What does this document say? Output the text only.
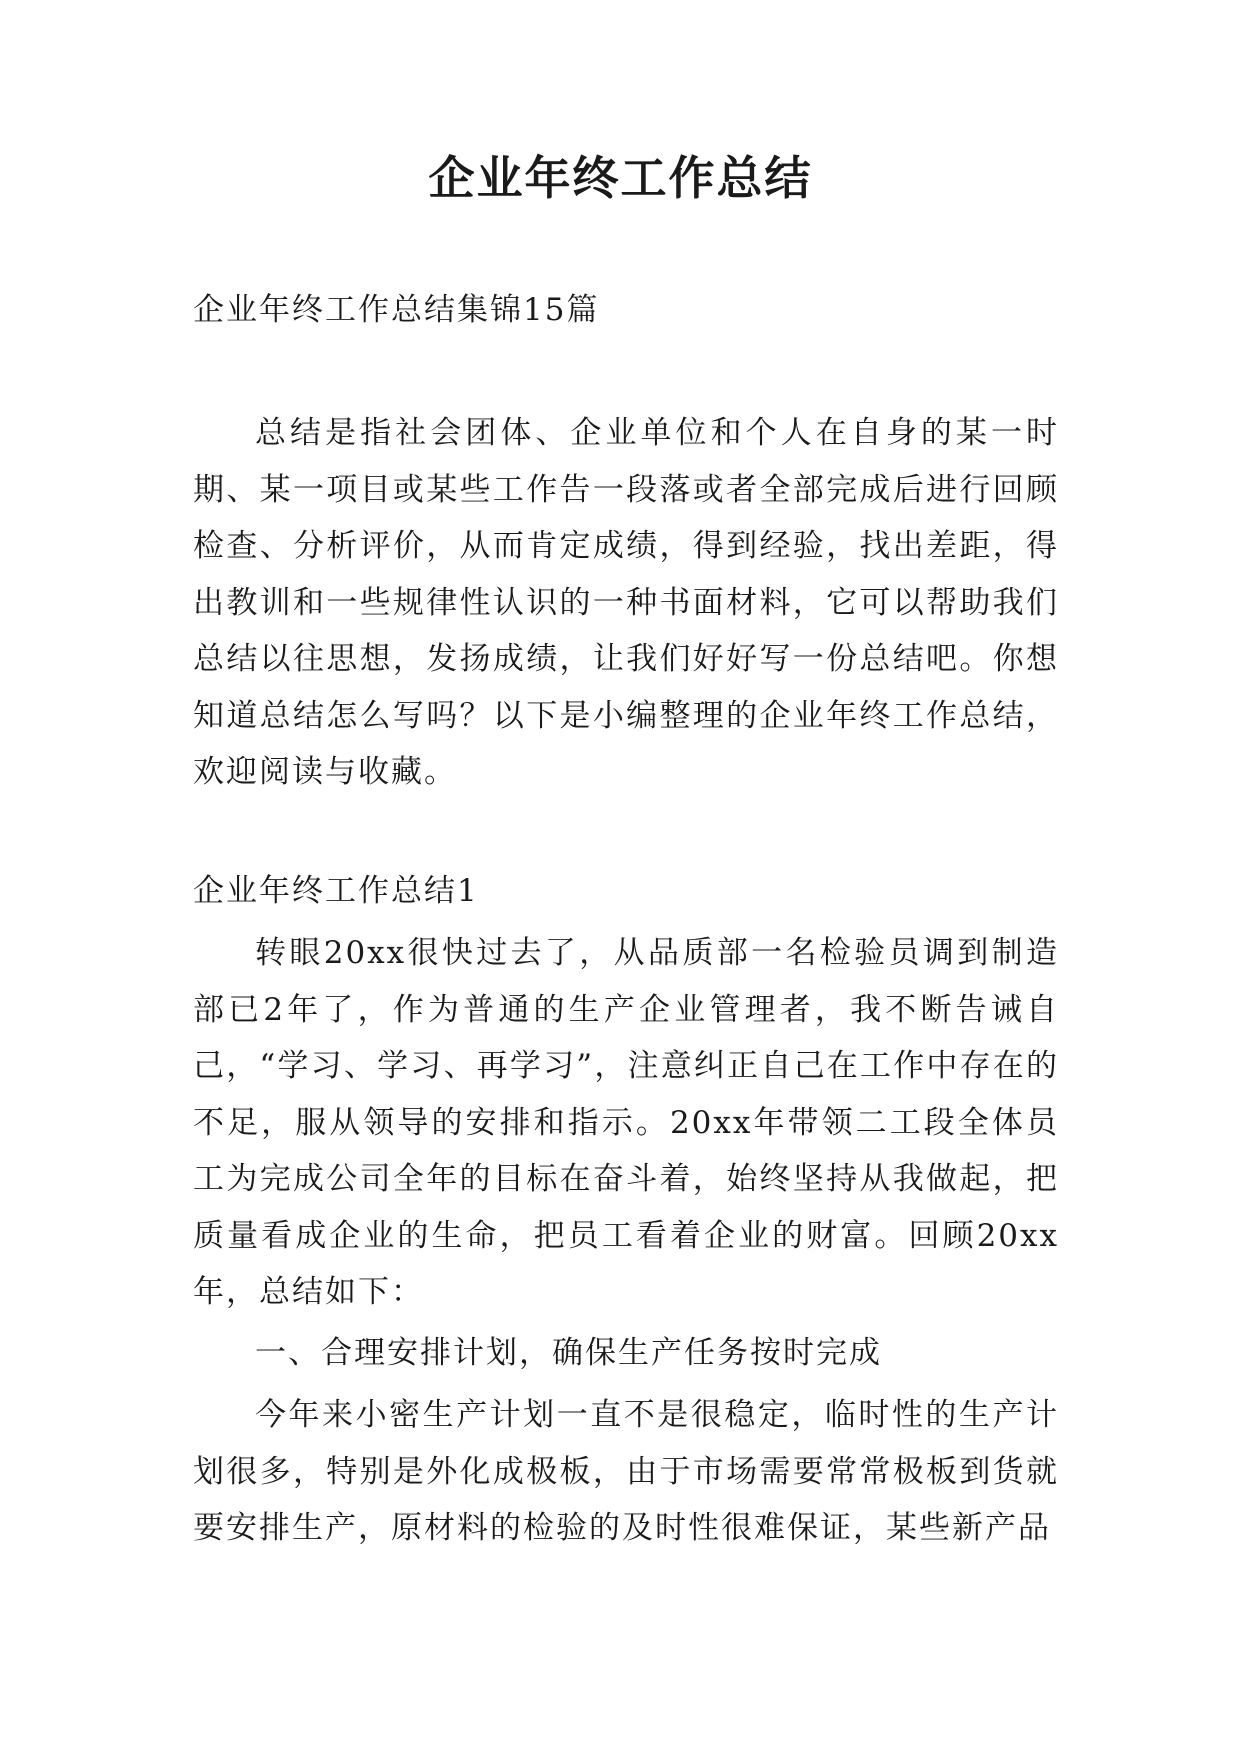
企业年终工作总结
企业年终工作总结集锦15篇

总结是指社会团体、企业单位和个人在自身的某一时期、某一项目或某些工作告一段落或者全部完成后进行回顾检查、分析评价，从而肯定成绩，得到经验，找出差距，得出教训和一些规律性认识的一种书面材料，它可以帮助我们总结以往思想，发扬成绩，让我们好好写一份总结吧。你想知道总结怎么写吗？以下是小编整理的企业年终工作总结，欢迎阅读与收藏。

企业年终工作总结1

转眼20xx很快过去了，从品质部一名检验员调到制造部已2年了，作为普通的生产企业管理者，我不断告诫自己，“学习、学习、再学习”，注意纠正自己在工作中存在的不足，服从领导的安排和指示。20xx年带领二工段全体员工为完成公司全年的目标在奋斗着，始终坚持从我做起，把质量看成企业的生命，把员工看着企业的财富。回顾20xx年，总结如下：

一、合理安排计划，确保生产任务按时完成

今年来小密生产计划一直不是很稳定，临时性的生产计划很多，特别是外化成极板，由于市场需要常常极板到货就要安排生产，原材料的检验的及时性很难保证，某些新产品
